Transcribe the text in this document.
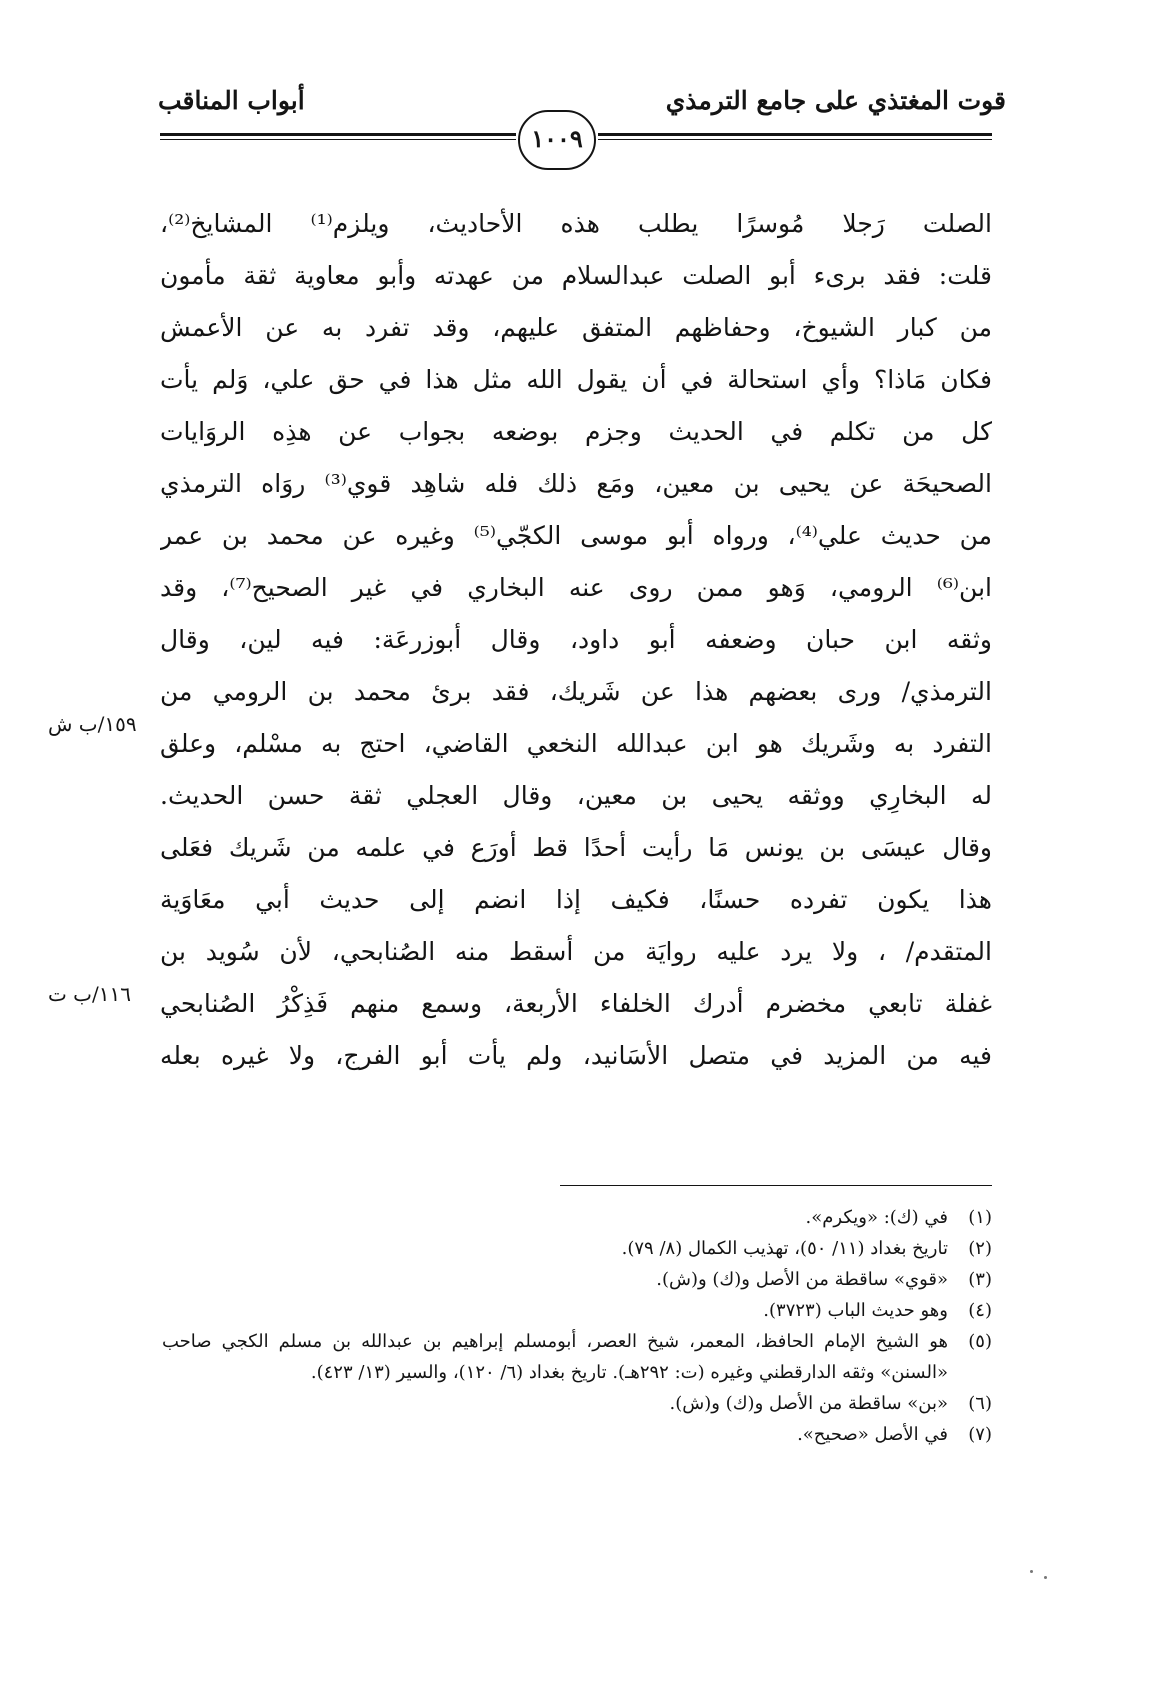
قوت المغتذي على جامع الترمذي
أبواب المناقب
١٠٠٩
الصلت رَجلا مُوسرًا يطلب هذه الأحاديث، ويلزم⁽¹⁾ المشايخ⁽²⁾،
قلت: فقد برىء أبو الصلت عبدالسلام من عهدته وأبو معاوية ثقة مأمون
من كبار الشيوخ، وحفاظهم المتفق عليهم، وقد تفرد به عن الأعمش
فكان مَاذا؟ وأي استحالة في أن يقول الله مثل هذا في حق علي، وَلم يأت
كل من تكلم في الحديث وجزم بوضعه بجواب عن هذِه الروَايات
الصحيحَة عن يحيى بن معين، ومَع ذلك فله شاهِد قوي⁽³⁾ روَاه الترمذي
من حديث علي⁽⁴⁾، ورواه أبو موسى الكجّي⁽⁵⁾ وغيره عن محمد بن عمر
ابن⁽⁶⁾ الرومي، وَهو ممن روى عنه البخاري في غير الصحيح⁽⁷⁾، وقد
وثقه ابن حبان وضعفه أبو داود، وقال أبوزرعَة: فيه لين، وقال
الترمذي/ ورى بعضهم هذا عن شَريك، فقد برئ محمد بن الرومي من
التفرد به وشَريك هو ابن عبدالله النخعي القاضي، احتج به مسْلم، وعلق
له البخارِي ووثقه يحيى بن معين، وقال العجلي ثقة حسن الحديث.
وقال عيسَى بن يونس مَا رأيت أحدًا قط أورَع في علمه من شَريك فعَلى
هذا يكون تفرده حسنًا، فكيف إذا انضم إلى حديث أبي معَاوَية
المتقدم/ ، ولا يرد عليه روايَة من أسقط منه الصُنابحي، لأن سُويد بن
غفلة تابعي مخضرم أدرك الخلفاء الأربعة، وسمع منهم فَذِكْرُ الصُنابحي
فيه من المزيد في متصل الأسَانيد، ولم يأت أبو الفرج، ولا غيره بعله
١٥٩/ب ش
١١٦/ب ت
(١)
في (ك): «ويكرم».
(٢)
تاريخ بغداد (١١/ ٥٠)، تهذيب الكمال (٨/ ٧٩).
(٣)
«قوي» ساقطة من الأصل و(ك) و(ش).
(٤)
وهو حديث الباب (٣٧٢٣).
(٥)
هو الشيخ الإمام الحافظ، المعمر، شيخ العصر، أبومسلم إبراهيم بن عبدالله بن مسلم الكجي صاحب «السنن» وثقه الدارقطني وغيره (ت: ٢٩٢هـ). تاريخ بغداد (٦/ ١٢٠)، والسير (١٣/ ٤٢٣).
(٦)
«بن» ساقطة من الأصل و(ك) و(ش).
(٧)
في الأصل «صحيح».
